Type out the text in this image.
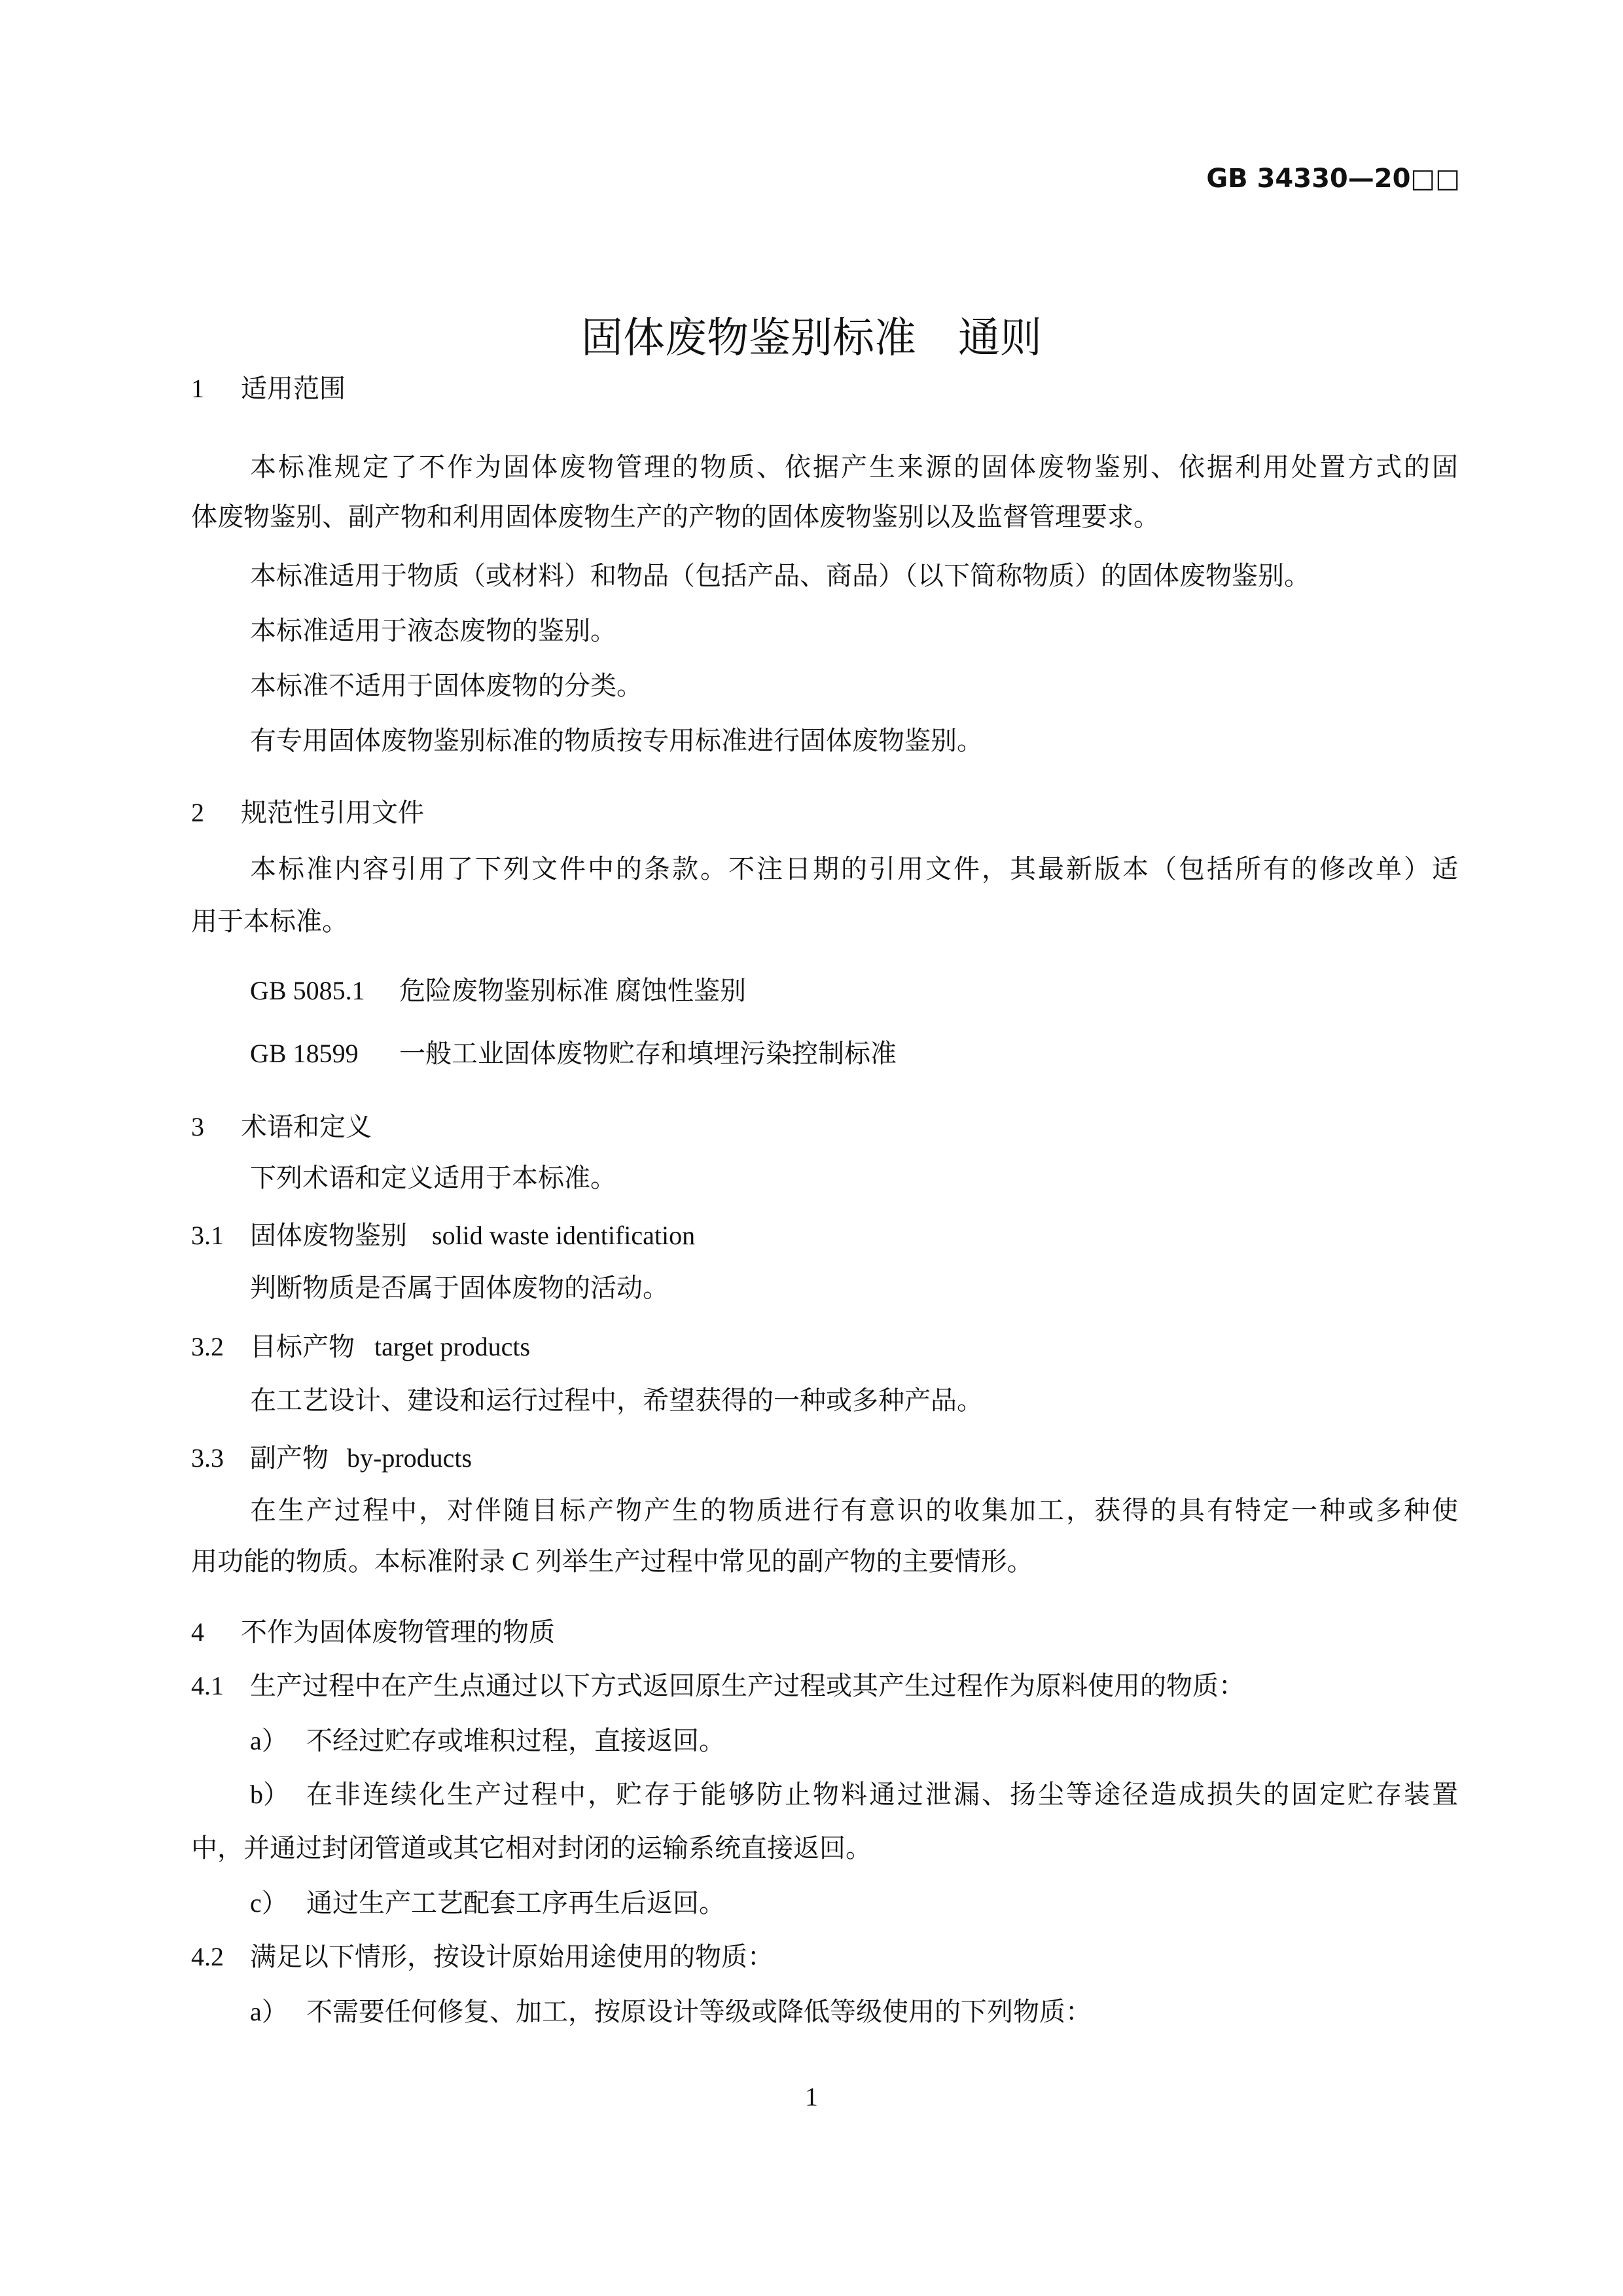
GB 34330—20□□
固体废物鉴别标准　通则
1 适用范围
本标准规定了不作为固体废物管理的物质、依据产生来源的固体废物鉴别、依据利用处置方式的固
体废物鉴别、副产物和利用固体废物生产的产物的固体废物鉴别以及监督管理要求。
本标准适用于物质（或材料）和物品（包括产品、商品）（以下简称物质）的固体废物鉴别。
本标准适用于液态废物的鉴别。
本标准不适用于固体废物的分类。
有专用固体废物鉴别标准的物质按专用标准进行固体废物鉴别。
2 规范性引用文件
本标准内容引用了下列文件中的条款。不注日期的引用文件，其最新版本（包括所有的修改单）适
用于本标准。
GB 5085.1 危险废物鉴别标准 腐蚀性鉴别
GB 18599 一般工业固体废物贮存和填埋污染控制标准
3 术语和定义
下列术语和定义适用于本标准。
3.1 固体废物鉴别 solid waste identification
判断物质是否属于固体废物的活动。
3.2 目标产物 target products
在工艺设计、建设和运行过程中，希望获得的一种或多种产品。
3.3 副产物 by-products
在生产过程中，对伴随目标产物产生的物质进行有意识的收集加工，获得的具有特定一种或多种使
用功能的物质。本标准附录 C 列举生产过程中常见的副产物的主要情形。
4 不作为固体废物管理的物质
4.1 生产过程中在产生点通过以下方式返回原生产过程或其产生过程作为原料使用的物质：
a） 不经过贮存或堆积过程，直接返回。
b） 在非连续化生产过程中，贮存于能够防止物料通过泄漏、扬尘等途径造成损失的固定贮存装置
中，并通过封闭管道或其它相对封闭的运输系统直接返回。
c） 通过生产工艺配套工序再生后返回。
4.2 满足以下情形，按设计原始用途使用的物质：
a） 不需要任何修复、加工，按原设计等级或降低等级使用的下列物质：
1
